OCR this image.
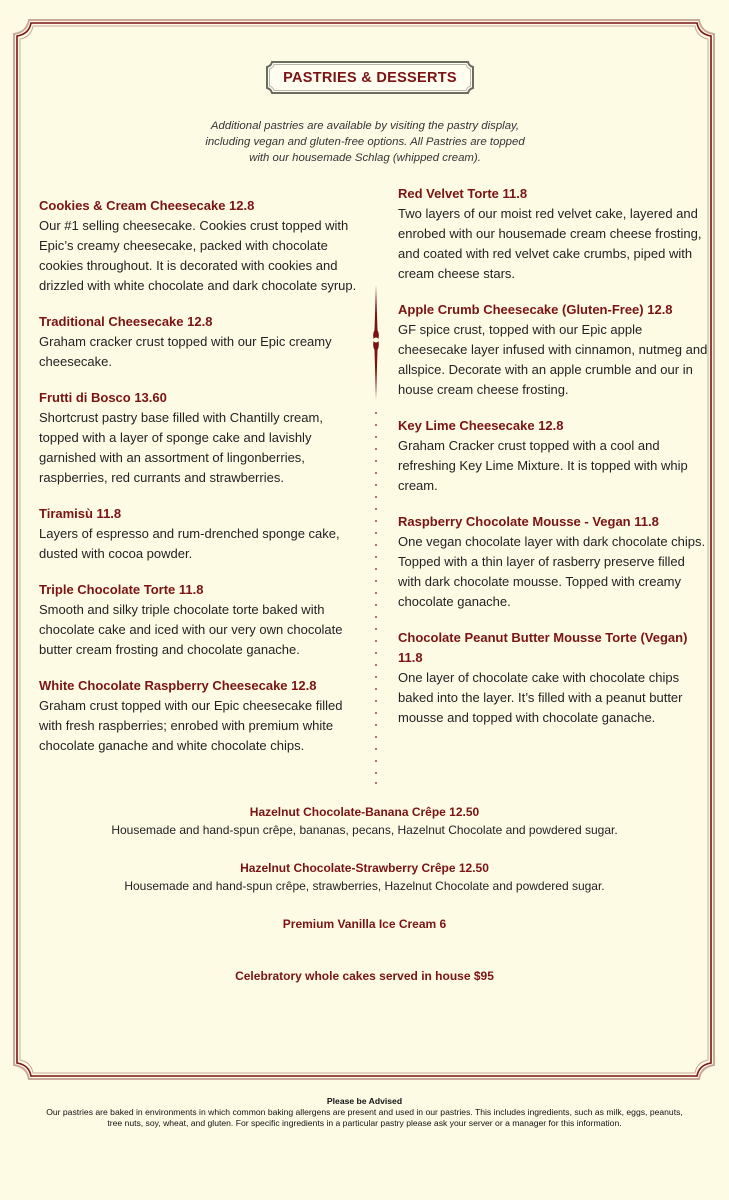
PASTRIES & DESSERTS
Additional pastries are available by visiting the pastry display, including vegan and gluten-free options. All Pastries are topped with our housemade Schlag (whipped cream).
Cookies & Cream Cheesecake 12.8
Our #1 selling cheesecake. Cookies crust topped with Epic’s creamy cheesecake, packed with chocolate cookies throughout. It is decorated with cookies and drizzled with white chocolate and dark chocolate syrup.
Traditional Cheesecake 12.8
Graham cracker crust topped with our Epic creamy cheesecake.
Frutti di Bosco 13.60
Shortcrust pastry base filled with Chantilly cream, topped with a layer of sponge cake and lavishly garnished with an assortment of lingonberries, raspberries, red currants and strawberries.
Tiramisù 11.8
Layers of espresso and rum-drenched sponge cake, dusted with cocoa powder.
Triple Chocolate Torte 11.8
Smooth and silky triple chocolate torte baked with chocolate cake and iced with our very own chocolate butter cream frosting and chocolate ganache.
White Chocolate Raspberry Cheesecake 12.8
Graham crust topped with our Epic cheesecake filled with fresh raspberries; enrobed with premium white chocolate ganache and white chocolate chips.
Red Velvet Torte 11.8
Two layers of our moist red velvet cake, layered and enrobed with our housemade cream cheese frosting, and coated with red velvet cake crumbs, piped with cream cheese stars.
Apple Crumb Cheesecake (Gluten-Free) 12.8
GF spice crust, topped with our Epic apple cheesecake layer infused with cinnamon, nutmeg and allspice. Decorate with an apple crumble and our in house cream cheese frosting.
Key Lime Cheesecake 12.8
Graham Cracker crust topped with a cool and refreshing Key Lime Mixture. It is topped with whip cream.
Raspberry Chocolate Mousse - Vegan 11.8
One vegan chocolate layer with dark chocolate chips. Topped with a thin layer of rasberry preserve filled with dark chocolate mousse. Topped with creamy chocolate ganache.
Chocolate Peanut Butter Mousse Torte (Vegan) 11.8
One layer of chocolate cake with chocolate chips baked into the layer. It’s filled with a peanut butter mousse and topped with chocolate ganache.
Hazelnut Chocolate-Banana Crêpe 12.50
Housemade and hand-spun crêpe, bananas, pecans, Hazelnut Chocolate and powdered sugar.
Hazelnut Chocolate-Strawberry Crêpe 12.50
Housemade and hand-spun crêpe, strawberries, Hazelnut Chocolate and powdered sugar.
Premium Vanilla Ice Cream 6
Celebratory whole cakes served in house $95
Please be Advised
Our pastries are baked in environments in which common baking allergens are present and used in our pastries. This includes ingredients, such as milk, eggs, peanuts, tree nuts, soy, wheat, and gluten. For specific ingredients in a particular pastry please ask your server or a manager for this information.
